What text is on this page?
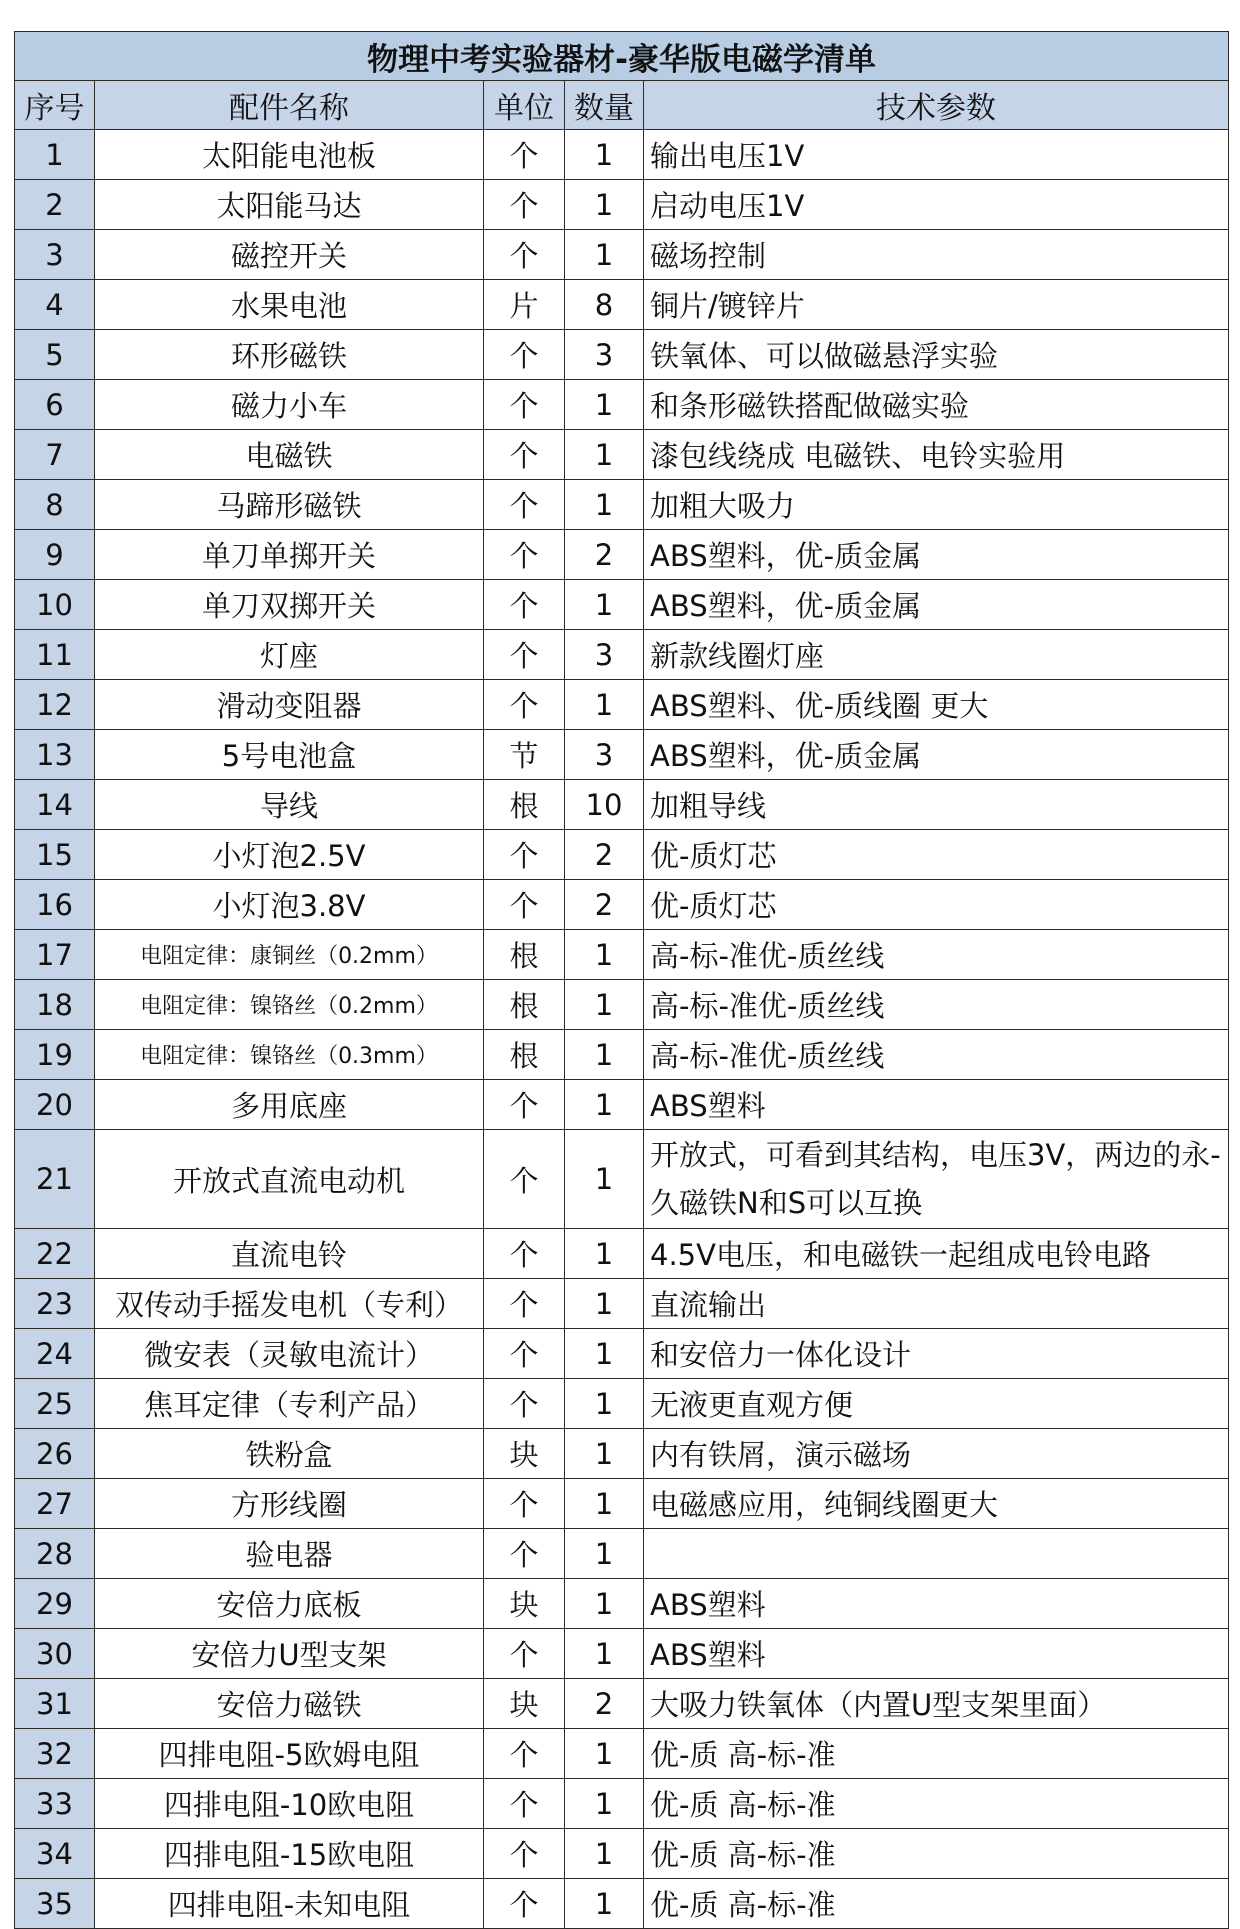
物理中考实验器材-豪华版电磁学清单				
序号	配件名称	单位	数量	技术参数
1	太阳能电池板	个	1	输出电压1V
2	太阳能马达	个	1	启动电压1V
3	磁控开关	个	1	磁场控制
4	水果电池	片	8	铜片/镀锌片
5	环形磁铁	个	3	铁氧体、可以做磁悬浮实验
6	磁力小车	个	1	和条形磁铁搭配做磁实验
7	电磁铁	个	1	漆包线绕成 电磁铁、电铃实验用
8	马蹄形磁铁	个	1	加粗大吸力
9	单刀单掷开关	个	2	ABS塑料，优-质金属
10	单刀双掷开关	个	1	ABS塑料，优-质金属
11	灯座	个	3	新款线圈灯座
12	滑动变阻器	个	1	ABS塑料、优-质线圈 更大
13	5号电池盒	节	3	ABS塑料，优-质金属
14	导线	根	10	加粗导线
15	小灯泡2.5V	个	2	优-质灯芯
16	小灯泡3.8V	个	2	优-质灯芯
17	电阻定律：康铜丝（0.2mm）	根	1	高-标-准优-质丝线
18	电阻定律：镍铬丝（0.2mm）	根	1	高-标-准优-质丝线
19	电阻定律：镍铬丝（0.3mm）	根	1	高-标-准优-质丝线
20	多用底座	个	1	ABS塑料
21	开放式直流电动机	个	1	开放式，可看到其结构，电压3V，两边的永-久磁铁N和S可以互换
22	直流电铃	个	1	4.5V电压，和电磁铁一起组成电铃电路
23	双传动手摇发电机（专利）	个	1	直流输出
24	微安表（灵敏电流计）	个	1	和安倍力一体化设计
25	焦耳定律（专利产品）	个	1	无液更直观方便
26	铁粉盒	块	1	内有铁屑，演示磁场
27	方形线圈	个	1	电磁感应用，纯铜线圈更大
28	验电器	个	1	
29	安倍力底板	块	1	ABS塑料
30	安倍力U型支架	个	1	ABS塑料
31	安倍力磁铁	块	2	大吸力铁氧体（内置U型支架里面）
32	四排电阻-5欧姆电阻	个	1	优-质 高-标-准
33	四排电阻-10欧电阻	个	1	优-质 高-标-准
34	四排电阻-15欧电阻	个	1	优-质 高-标-准
35	四排电阻-未知电阻	个	1	优-质 高-标-准
